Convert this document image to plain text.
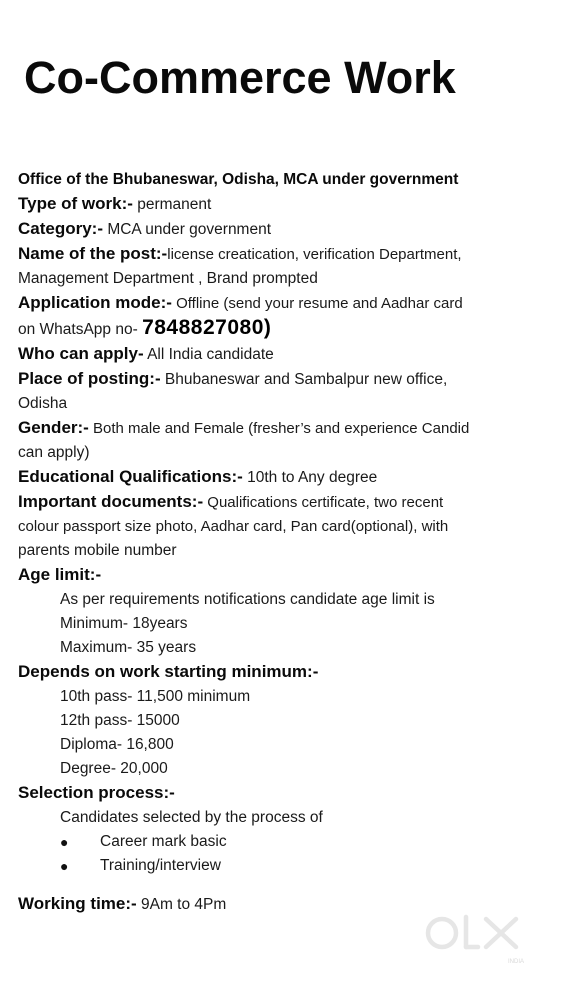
Co-Commerce Work
Office of the Bhubaneswar, Odisha, MCA under government
Type of work:- permanent
Category:- MCA under government
Name of the post:-license creatication, verification Department,
Management Department , Brand prompted
Application mode:- Offline (send your resume and Aadhar card
on WhatsApp no- 7848827080)
Who can apply- All India candidate
Place of posting:- Bhubaneswar and Sambalpur new office,
Odisha
Gender:- Both male and Female (fresher’s and experience Candid
can apply)
Educational Qualifications:- 10th to Any degree
Important documents:- Qualifications certificate, two recent
colour passport size photo, Aadhar card, Pan card(optional), with
parents mobile number
Age limit:-
As per requirements notifications candidate age limit is
Minimum- 18years
Maximum- 35 years
Depends on work starting minimum:-
10th pass- 11,500 minimum
12th pass- 15000
Diploma- 16,800
Degree- 20,000
Selection process:-
Candidates selected by the process of
●	Career mark basic
●	Training/interview
Working time:- 9Am to 4Pm
INDIA
